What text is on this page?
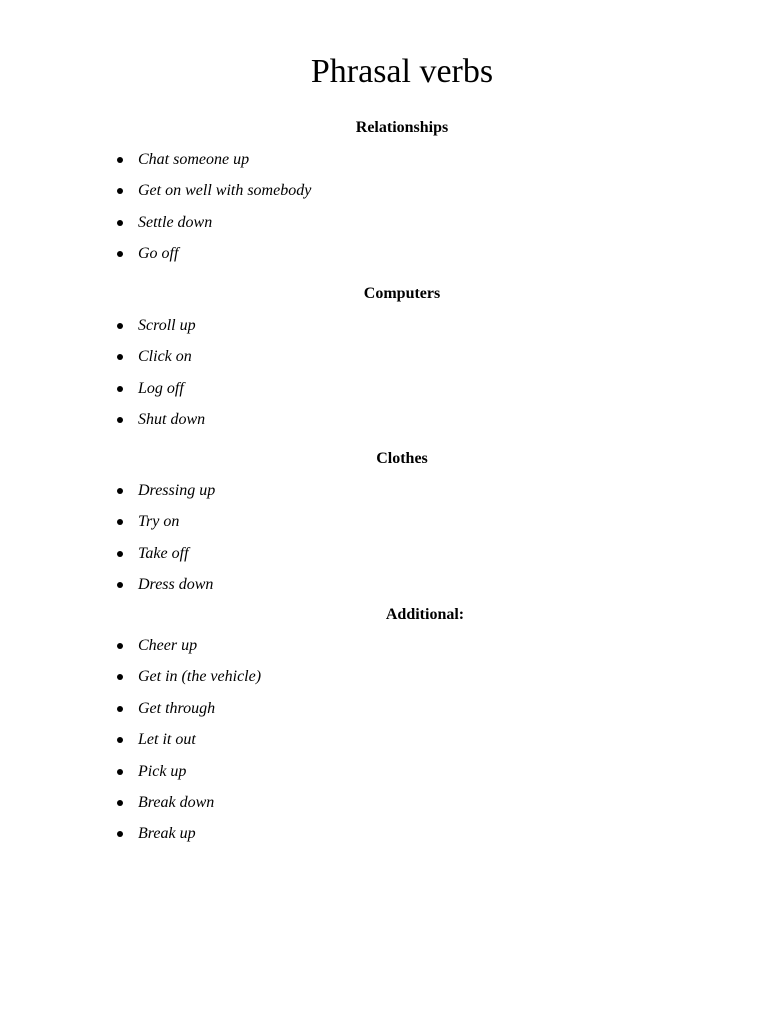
Phrasal verbs
Relationships
Chat someone up
Get on well with somebody
Settle down
Go off
Computers
Scroll up
Click on
Log off
Shut down
Clothes
Dressing up
Try on
Take off
Dress down
Additional:
Cheer up
Get in (the vehicle)
Get through
Let it out
Pick up
Break down
Break up
